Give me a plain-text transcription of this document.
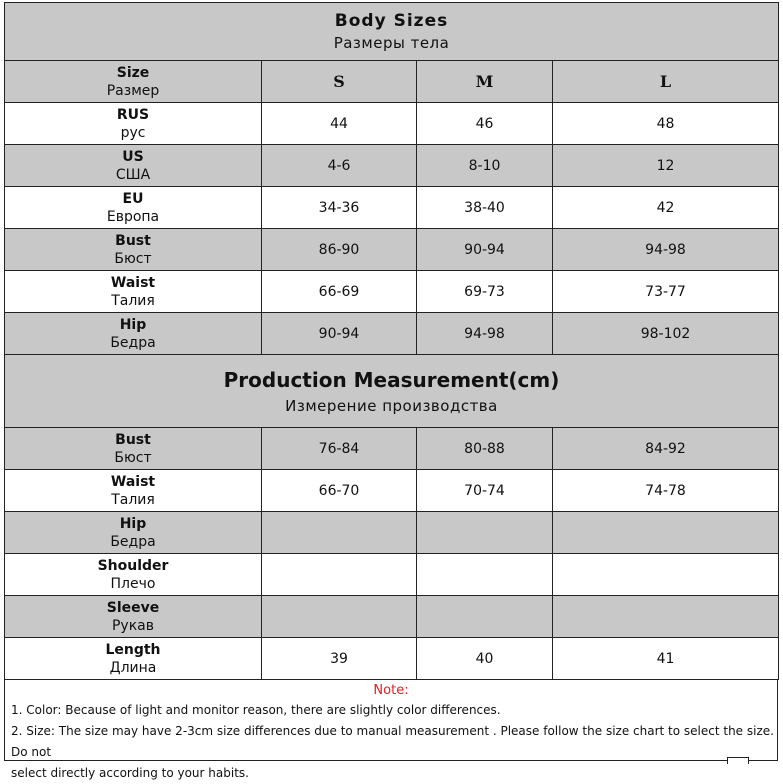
Body Sizes
Размеры тела			

Size
Размер	S	M	L

RUS
рус	44	46	48

US
США	4-6	8-10	12

EU
Европа	34-36	38-40	42

Bust
Бюст	86-90	90-94	94-98

Waist
Талия	66-69	69-73	73-77

Hip
Бедра	90-94	94-98	98-102

Production Measurement(cm)
Измерение производства			

Bust
Бюст	76-84	80-88	84-92

Waist
Талия	66-70	70-74	74-78

Hip
Бедра			

Shoulder
Плечо			

Sleeve
Рукав			

Length
Длина	39	40	41
Note:
1. Color: Because of light and monitor reason, there are slightly color differences.
2. Size: The size may have 2-3cm size differences due to manual measurement . Please follow the size chart to select the size. Do not
select directly according to your habits.
